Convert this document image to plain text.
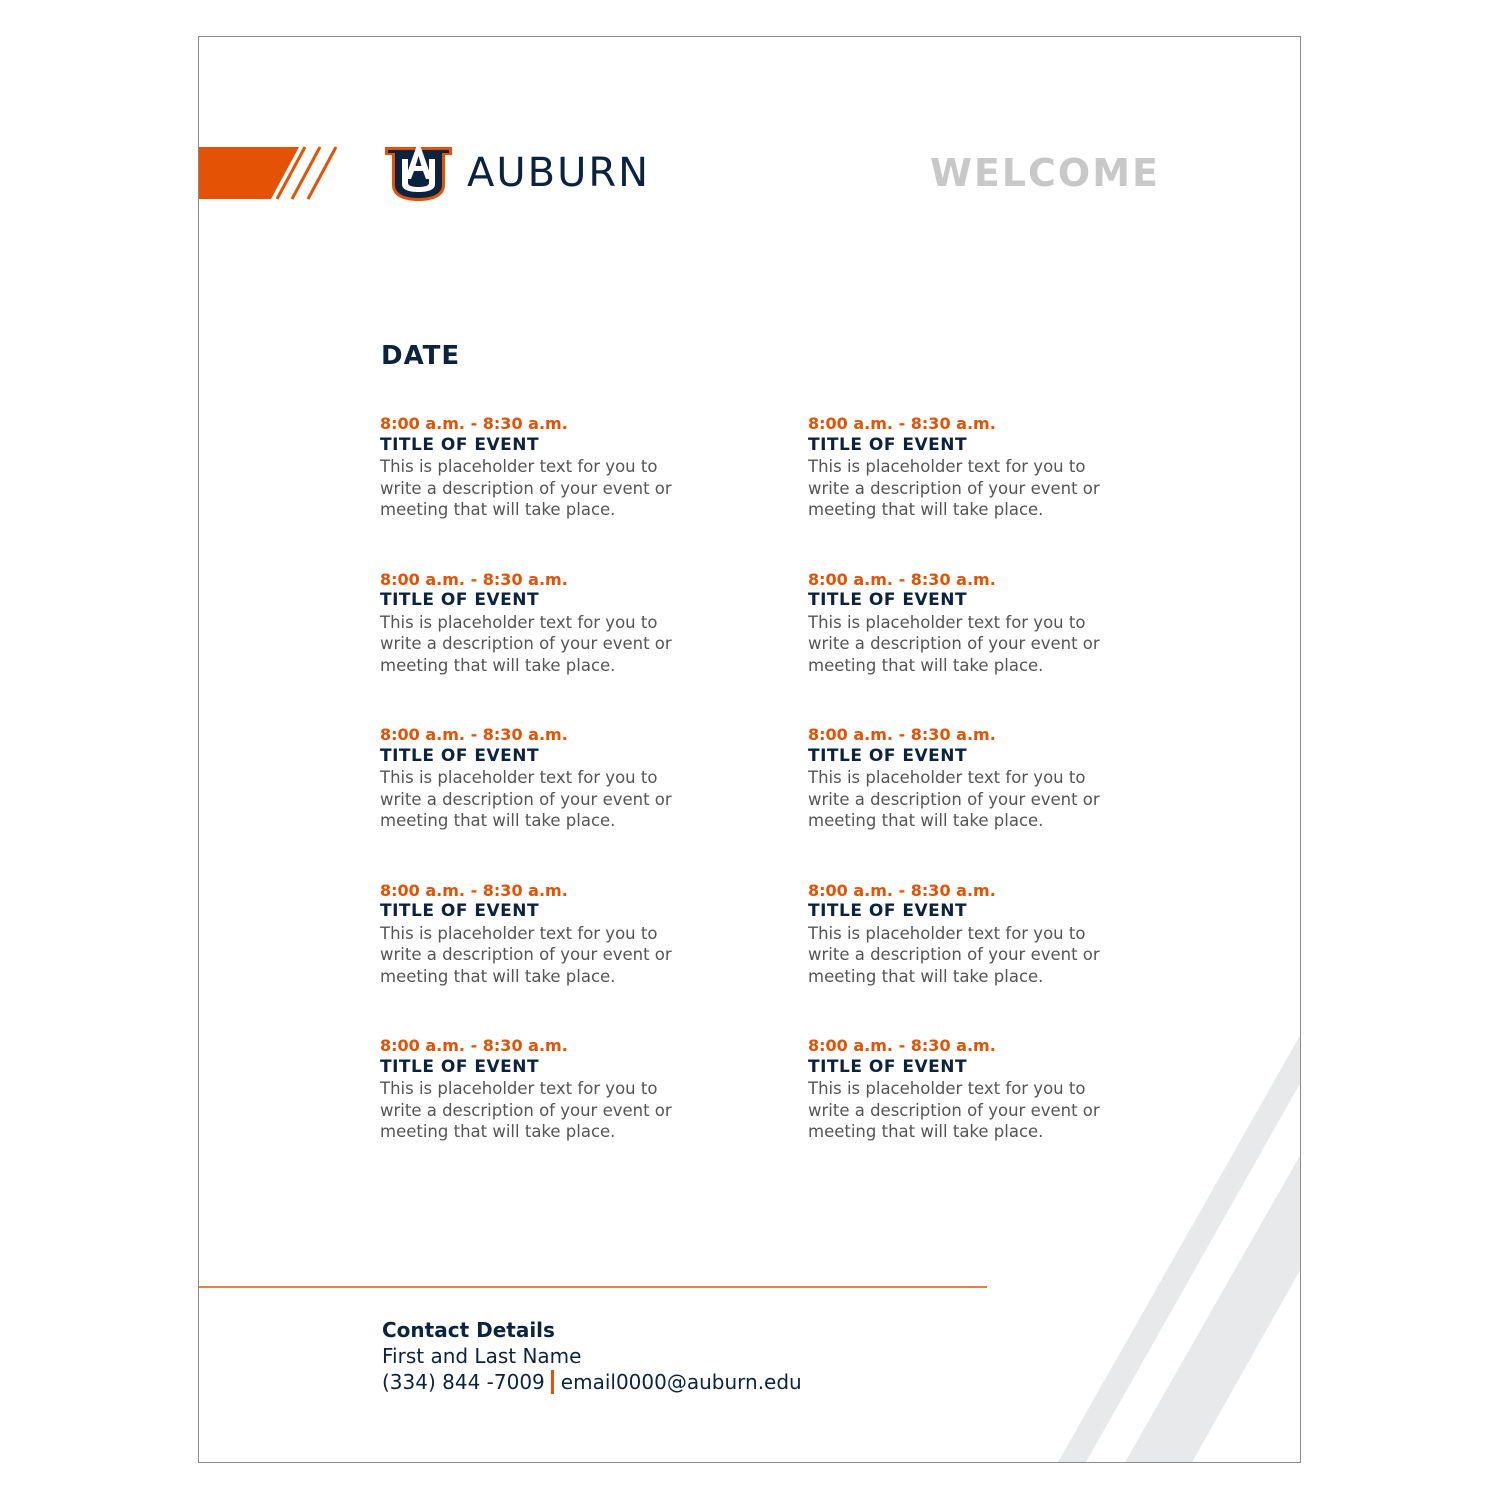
AUBURN	WELCOME
DATE
8:00 a.m. - 8:30 a.m.
TITLE OF EVENT
This is placeholder text for you to write a description of your event or meeting that will take place.
8:00 a.m. - 8:30 a.m.
TITLE OF EVENT
This is placeholder text for you to write a description of your event or meeting that will take place.
8:00 a.m. - 8:30 a.m.
TITLE OF EVENT
This is placeholder text for you to write a description of your event or meeting that will take place.
8:00 a.m. - 8:30 a.m.
TITLE OF EVENT
This is placeholder text for you to write a description of your event or meeting that will take place.
8:00 a.m. - 8:30 a.m.
TITLE OF EVENT
This is placeholder text for you to write a description of your event or meeting that will take place.
8:00 a.m. - 8:30 a.m.
TITLE OF EVENT
This is placeholder text for you to write a description of your event or meeting that will take place.
8:00 a.m. - 8:30 a.m.
TITLE OF EVENT
This is placeholder text for you to write a description of your event or meeting that will take place.
8:00 a.m. - 8:30 a.m.
TITLE OF EVENT
This is placeholder text for you to write a description of your event or meeting that will take place.
8:00 a.m. - 8:30 a.m.
TITLE OF EVENT
This is placeholder text for you to write a description of your event or meeting that will take place.
8:00 a.m. - 8:30 a.m.
TITLE OF EVENT
This is placeholder text for you to write a description of your event or meeting that will take place.
Contact Details
First and Last Name
(334) 844 -7009 email0000@auburn.edu
